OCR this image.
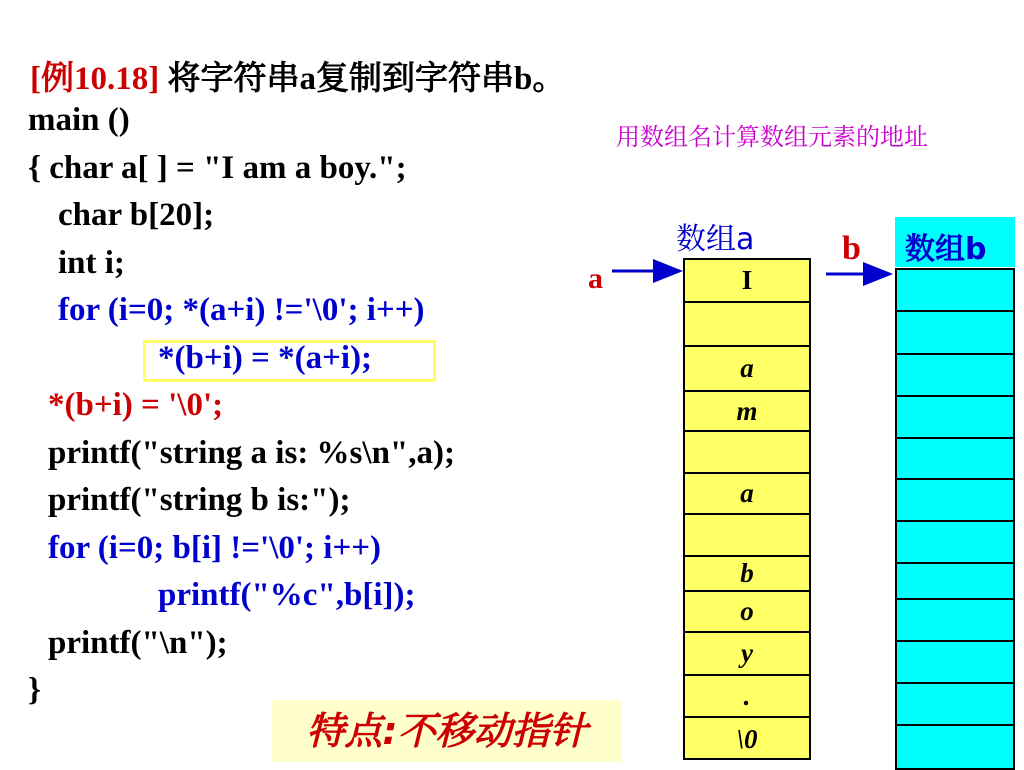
[例10.18] 将字符串a复制到字符串b。
用数组名计算数组元素的地址
main ()
{ char a[ ] = "I am a boy.";
char b[20];
int i;
for (i=0; *(a+i) !='\0'; i++)
*(b+i) = *(a+i);
*(b+i) = '\0';
printf("string a is: %s\n",a);
printf("string b is:");
for (i=0; b[i] !='\0'; i++)
printf("%c",b[i]);
printf("\n");
}
特点:不移动指针
数组a	数组b
a
b
I
a
m
a
b
o
y
.
\0
